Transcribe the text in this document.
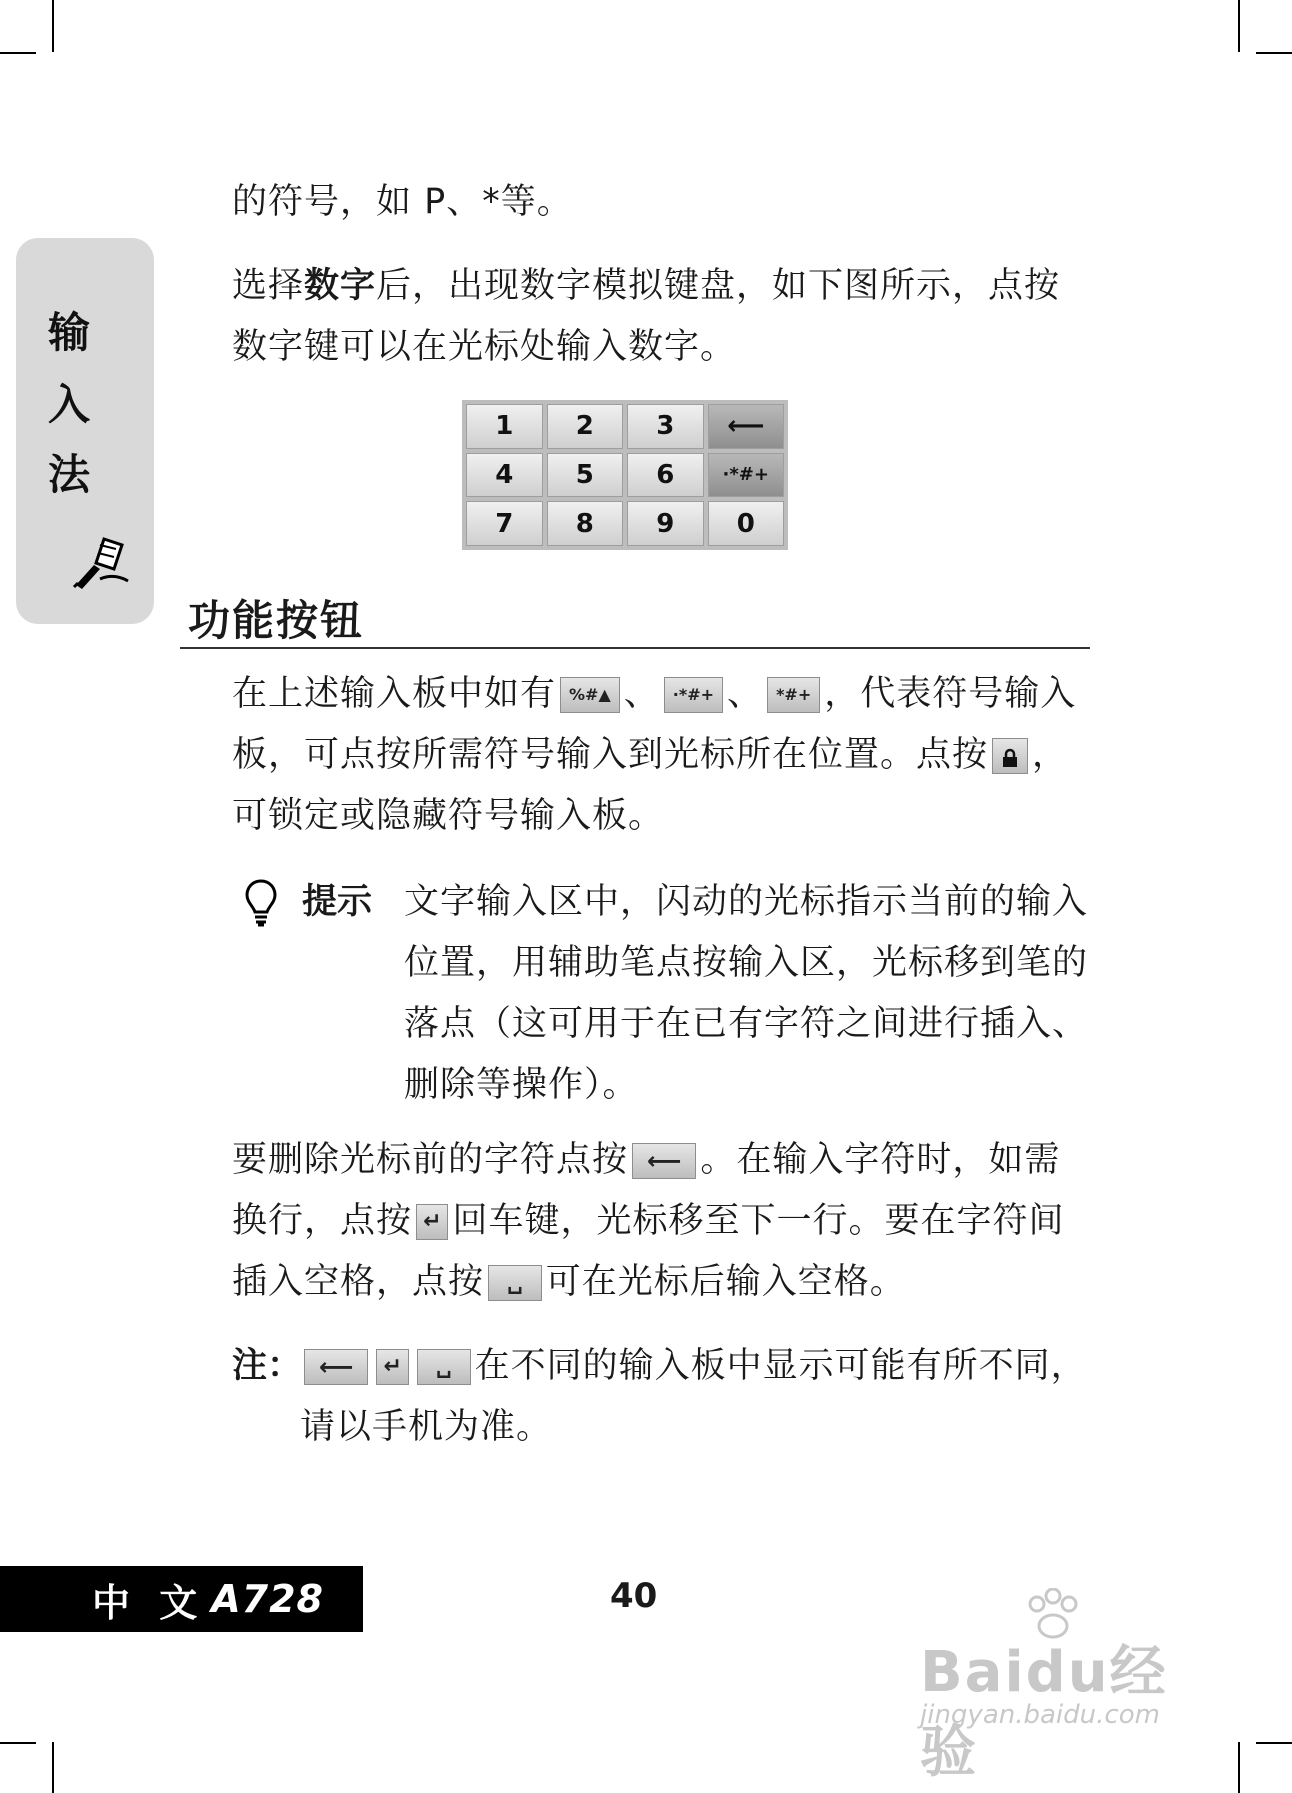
输
入
法

的符号，如 P、*等。

选择数字后，出现数字模拟键盘，如下图所示，点按数字键可以在光标处输入数字。

1	2	3	⟵
4	5	6	·*#+
7	8	9	0
功能按钮

在上述输入板中如有 %#▲ 、 ·*#+ 、 *#+ ，代表符号输入板，可点按所需符号输入到光标所在位置。点按 ，可锁定或隐藏符号输入板。

提示 文字输入区中，闪动的光标指示当前的输入位置，用辅助笔点按输入区，光标移到笔的落点（这可用于在已有字符之间进行插入、删除等操作）。

要删除光标前的字符点按 ⟵ 。在输入字符时，如需换行，点按 ↵ 回车键，光标移至下一行。要在字符间插入空格，点按 ␣ 可在光标后输入空格。

注： ⟵ ↵ ␣ 在不同的输入板中显示可能有所不同，请以手机为准。

中 文 A728	40
Baidu经验
jingyan.baidu.com
